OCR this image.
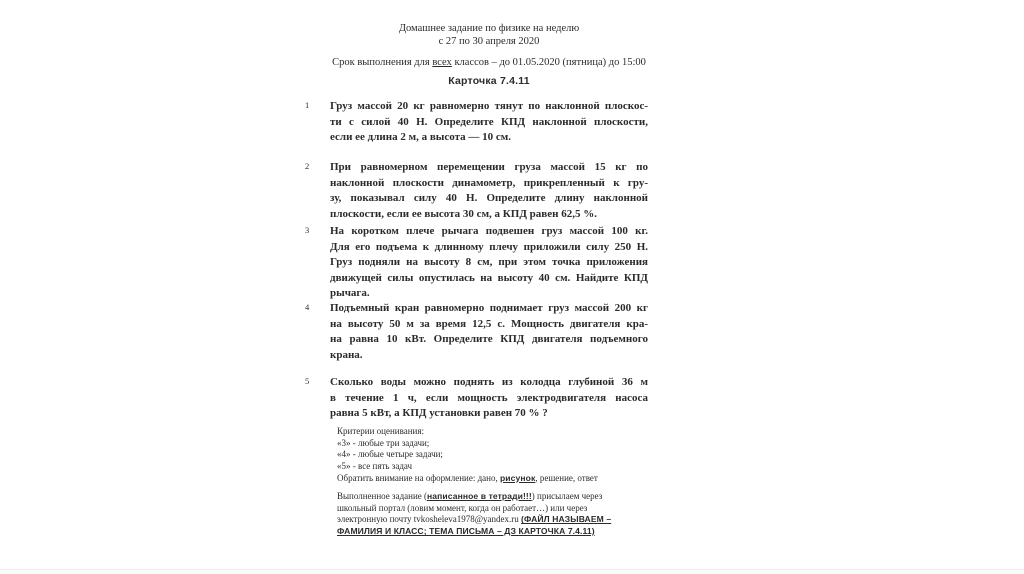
Домашнее задание по физике на неделю
с 27 по 30 апреля 2020
Срок выполнения для всех классов – до 01.05.2020 (пятница) до 15:00
Карточка 7.4.11
1 Груз массой 20 кг равномерно тянут по наклонной плоскос-
ти с силой 40 Н. Определите КПД наклонной плоскости,
если ее длина 2 м, а высота — 10 см.
2 При равномерном перемещении груза массой 15 кг по
наклонной плоскости динамометр, прикрепленный к гру-
зу, показывал силу 40 Н. Определите длину наклонной
плоскости, если ее высота 30 см, а КПД равен 62,5 %.
3 На коротком плече рычага подвешен груз массой 100 кг.
Для его подъема к длинному плечу приложили силу 250 Н.
Груз подняли на высоту 8 см, при этом точка приложения
движущей силы опустилась на высоту 40 см. Найдите КПД
рычага.
4 Подъемный кран равномерно поднимает груз массой 200 кг
на высоту 50 м за время 12,5 с. Мощность двигателя кра-
на равна 10 кВт. Определите КПД двигателя подъемного
крана.
5 Сколько воды можно поднять из колодца глубиной 36 м
в течение 1 ч, если мощность электродвигателя насоса
равна 5 кВт, а КПД установки равен 70 % ?
Критерии оценивания:
«3» - любые три задачи;
«4» - любые четыре задачи;
«5» - все пять задач
Обратить внимание на оформление: дано, рисунок, решение, ответ
Выполненное задание (написанное в тетради!!!) присылаем через
школьный портал (ловим момент, когда он работает…) или через
электронную почту tvkosheleva1978@yandex.ru (ФАЙЛ НАЗЫВАЕМ –
ФАМИЛИЯ И КЛАСС; ТЕМА ПИСЬМА – ДЗ КАРТОЧКА 7.4.11)
